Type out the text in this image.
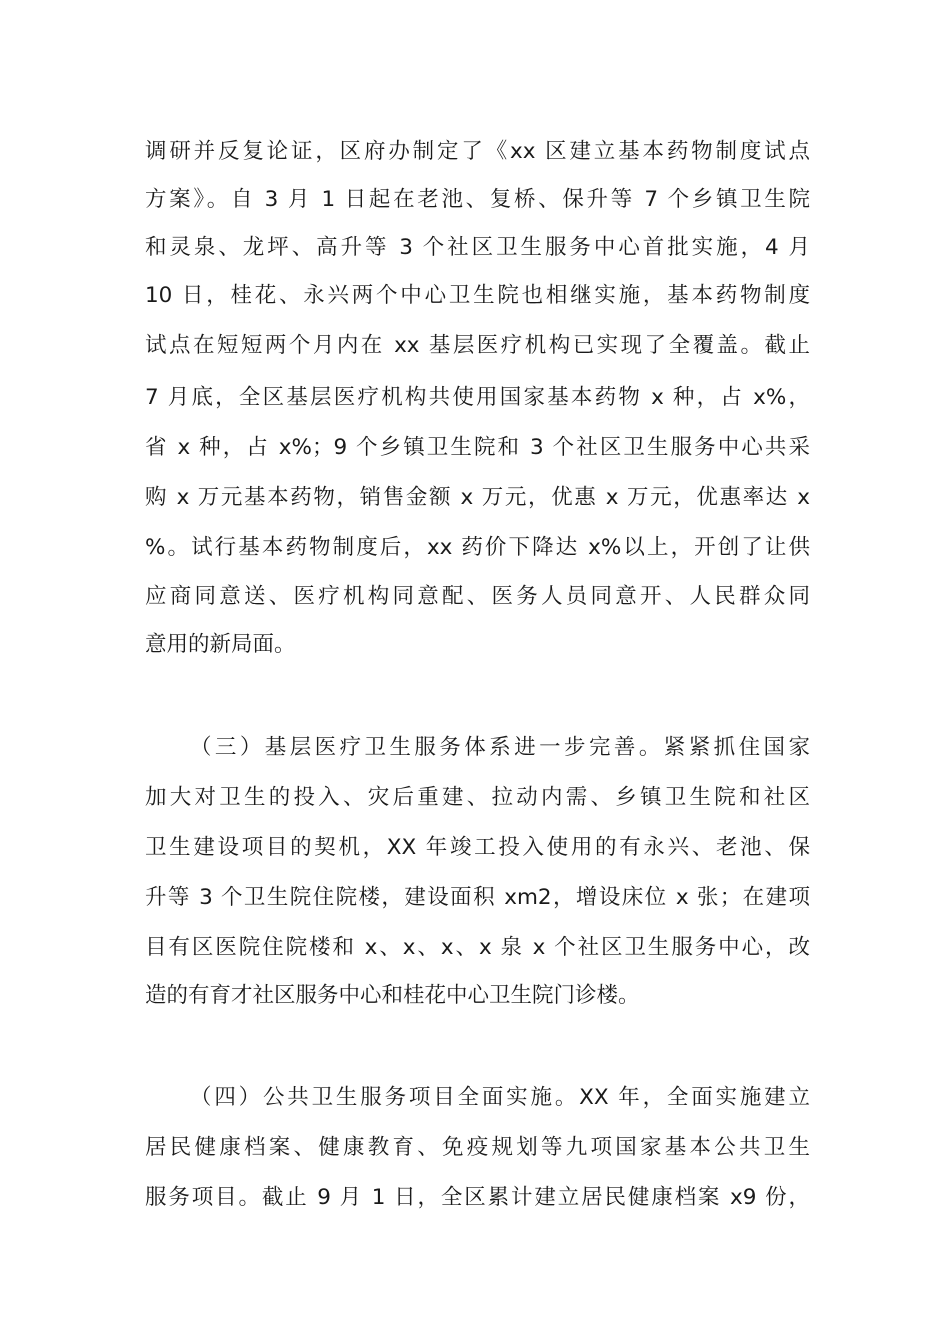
调研并反复论证，区府办制定了《xx 区建立基本药物制度试点
方案》。自 3 月 1 日起在老池、复桥、保升等 7 个乡镇卫生院
和灵泉、龙坪、高升等 3 个社区卫生服务中心首批实施，4 月
10 日，桂花、永兴两个中心卫生院也相继实施，基本药物制度
试点在短短两个月内在 xx 基层医疗机构已实现了全覆盖。截止
7 月底，全区基层医疗机构共使用国家基本药物 x 种，占 x%，
省 x 种，占 x%；9 个乡镇卫生院和 3 个社区卫生服务中心共采
购 x 万元基本药物，销售金额 x 万元，优惠 x 万元，优惠率达 x
%。试行基本药物制度后，xx 药价下降达 x%以上，开创了让供
应商同意送、医疗机构同意配、医务人员同意开、人民群众同
意用的新局面。
（三）基层医疗卫生服务体系进一步完善。紧紧抓住国家
加大对卫生的投入、灾后重建、拉动内需、乡镇卫生院和社区
卫生建设项目的契机，XX 年竣工投入使用的有永兴、老池、保
升等 3 个卫生院住院楼，建设面积 xm2，增设床位 x 张；在建项
目有区医院住院楼和 x、x、x、x 泉 x 个社区卫生服务中心，改
造的有育才社区服务中心和桂花中心卫生院门诊楼。
（四）公共卫生服务项目全面实施。XX 年，全面实施建立
居民健康档案、健康教育、免疫规划等九项国家基本公共卫生
服务项目。截止 9 月 1 日，全区累计建立居民健康档案 x9 份，
